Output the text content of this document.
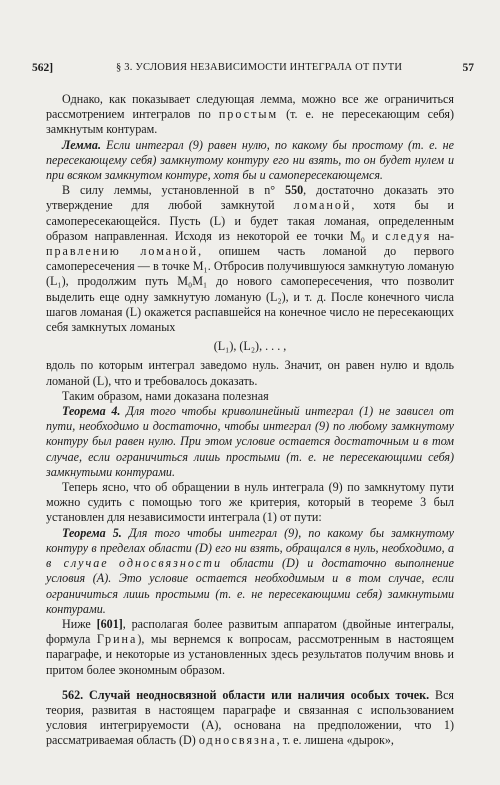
562]	§ 3. УСЛОВИЯ НЕЗАВИСИМОСТИ ИНТЕГРАЛА ОТ ПУТИ	57

Однако, как показывает следующая лемма, можно все же ограничиться рассмотрением интегралов по простым (т. е. не пересекающим себя) замкнутым контурам.

Лемма. Если интеграл (9) равен нулю, по какому бы простому (т. е. не пересекающему себя) замкнутому контуру его ни взять, то он будет нулем и при всяком замкнутом контуре, хотя бы и самопересекающемся.

В силу леммы, установленной в n° 550, достаточно доказать это утверждение для любой замкнутой ломаной, хотя бы и самопересекающейся. Пусть (L) и будет такая ломаная, определенным образом направленная. Исходя из некоторой ее точки M₀ и следуя на-правлению ломаной, опишем часть ломаной до первого самопересечения — в точке M₁. Отбросив получившуюся замкнутую ломаную (L₁), продолжим путь M₀M₁ до нового самопересечения, что позволит выделить еще одну замкнутую ломаную (L₂), и т. д. После конечного числа шагов ломаная (L) окажется распавшейся на конечное число не пересекающих себя замкнутых ломаных

(L₁), (L₂), . . . ,

вдоль по которым интеграл заведомо нуль. Значит, он равен нулю и вдоль ломаной (L), что и требовалось доказать.

Таким образом, нами доказана полезная

Теорема 4. Для того чтобы криволинейный интеграл (1) не зависел от пути, необходимо и достаточно, чтобы интеграл (9) по любому замкнутому контуру был равен нулю. При этом условие остается достаточным и в том случае, если ограничиться лишь простыми (т. е. не пересекающими себя) замкнутыми контурами.

Теперь ясно, что об обращении в нуль интеграла (9) по замкнутому пути можно судить с помощью того же критерия, который в теореме 3 был установлен для независимости интеграла (1) от пути:

Теорема 5. Для того чтобы интеграл (9), по какому бы замкнутому контуру в пределах области (D) его ни взять, обращался в нуль, необходимо, а в случае односвязности области (D) и достаточно выполнение условия (A). Это условие остается необходимым и в том случае, если ограничиться лишь простыми (т. е. не пересекающими себя) замкнутыми контурами.

Ниже [601], располагая более развитым аппаратом (двойные интегралы, формула Грина), мы вернемся к вопросам, рассмотренным в настоящем параграфе, и некоторые из установленных здесь результатов получим вновь и притом более экономным образом.

562. Случай неодносвязной области или наличия особых точек. Вся теория, развитая в настоящем параграфе и связанная с использованием условия интегрируемости (A), основана на предположении, что 1) рассматриваемая область (D) односвязна, т. е. лишена «дырок»,
